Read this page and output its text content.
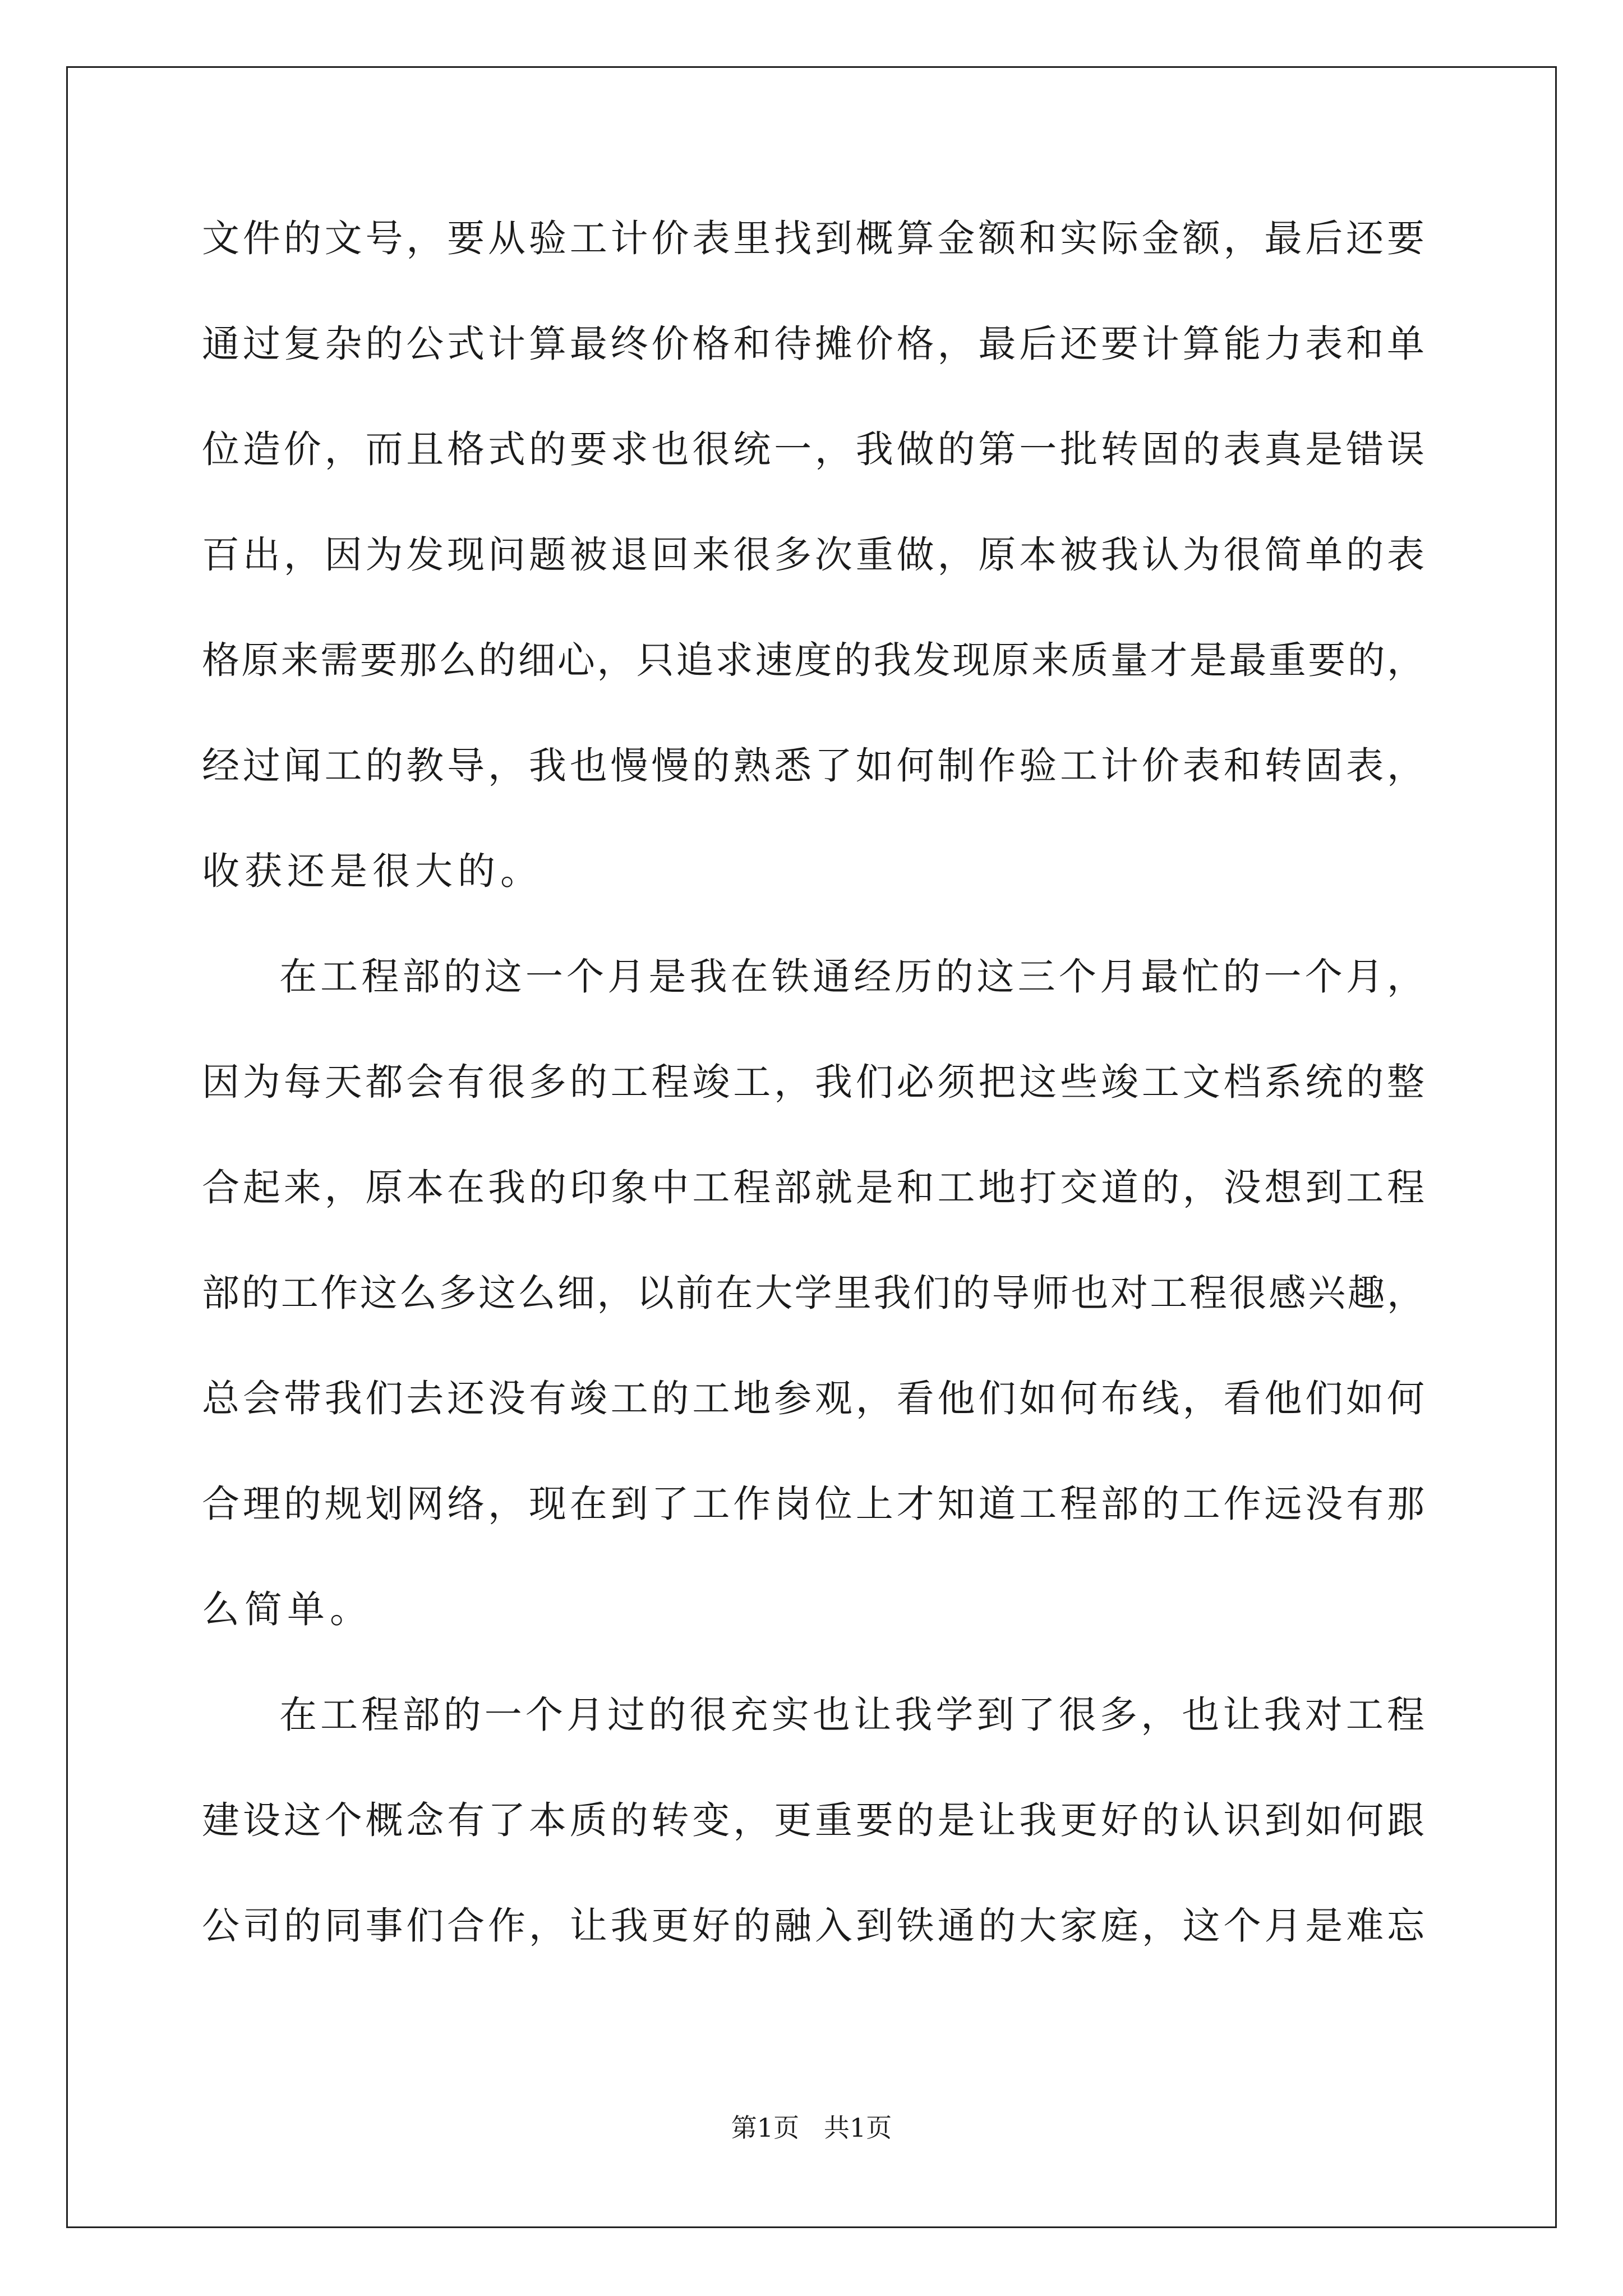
文件的文号，要从验工计价表里找到概算金额和实际金额，最后还要
通过复杂的公式计算最终价格和待摊价格，最后还要计算能力表和单
位造价，而且格式的要求也很统一，我做的第一批转固的表真是错误
百出，因为发现问题被退回来很多次重做，原本被我认为很简单的表
格原来需要那么的细心，只追求速度的我发现原来质量才是最重要的，
经过闻工的教导，我也慢慢的熟悉了如何制作验工计价表和转固表，
收获还是很大的。
在工程部的这一个月是我在铁通经历的这三个月最忙的一个月，
因为每天都会有很多的工程竣工，我们必须把这些竣工文档系统的整
合起来，原本在我的印象中工程部就是和工地打交道的，没想到工程
部的工作这么多这么细，以前在大学里我们的导师也对工程很感兴趣，
总会带我们去还没有竣工的工地参观，看他们如何布线，看他们如何
合理的规划网络，现在到了工作岗位上才知道工程部的工作远没有那
么简单。
在工程部的一个月过的很充实也让我学到了很多，也让我对工程
建设这个概念有了本质的转变，更重要的是让我更好的认识到如何跟
公司的同事们合作，让我更好的融入到铁通的大家庭，这个月是难忘
第1页   共1页
